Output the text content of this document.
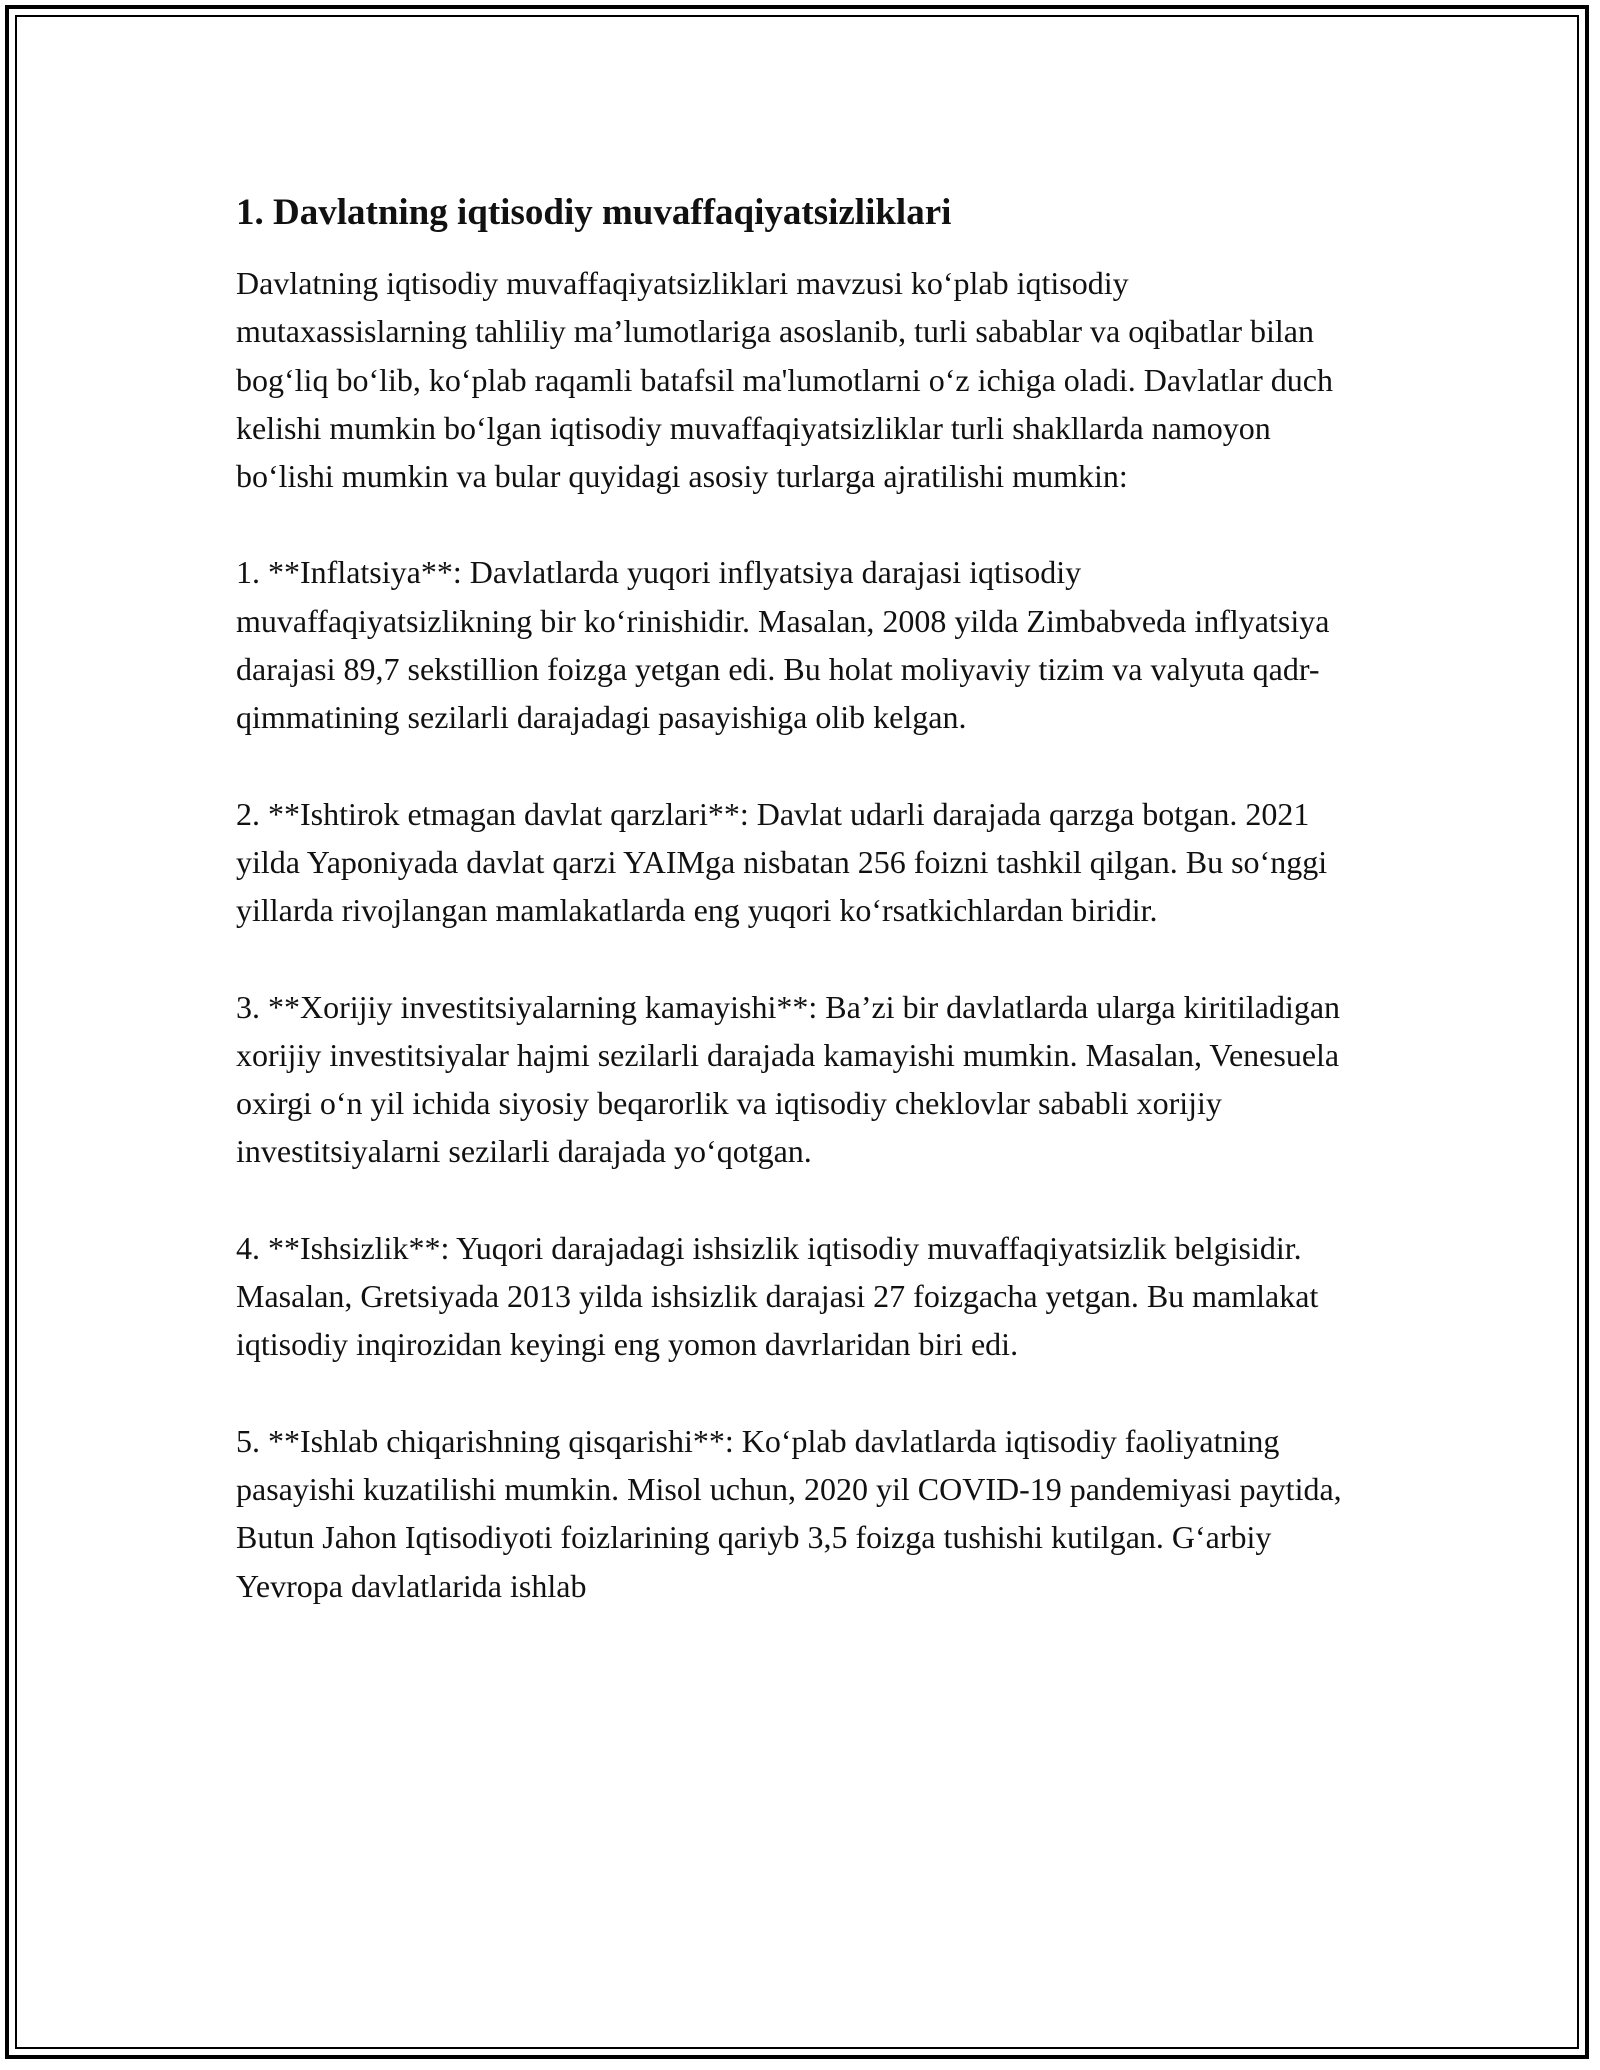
1. Davlatning iqtisodiy muvaffaqiyatsizliklari

Davlatning iqtisodiy muvaffaqiyatsizliklari mavzusi ko‘plab iqtisodiy mutaxassislarning tahliliy ma’lumotlariga asoslanib, turli sabablar va oqibatlar bilan bog‘liq bo‘lib, ko‘plab raqamli batafsil ma'lumotlarni o‘z ichiga oladi. Davlatlar duch kelishi mumkin bo‘lgan iqtisodiy muvaffaqiyatsizliklar turli shakllarda namoyon bo‘lishi mumkin va bular quyidagi asosiy turlarga ajratilishi mumkin:

1. **Inflatsiya**: Davlatlarda yuqori inflyatsiya darajasi iqtisodiy muvaffaqiyatsizlikning bir ko‘rinishidir. Masalan, 2008 yilda Zimbabveda inflyatsiya darajasi 89,7 sekstillion foizga yetgan edi. Bu holat moliyaviy tizim va valyuta qadr-qimmatining sezilarli darajadagi pasayishiga olib kelgan.

2. **Ishtirok etmagan davlat qarzlari**: Davlat udarli darajada qarzga botgan. 2021 yilda Yaponiyada davlat qarzi YAIMga nisbatan 256 foizni tashkil qilgan. Bu so‘nggi yillarda rivojlangan mamlakatlarda eng yuqori ko‘rsatkichlardan biridir.

3. **Xorijiy investitsiyalarning kamayishi**: Ba’zi bir davlatlarda ularga kiritiladigan xorijiy investitsiyalar hajmi sezilarli darajada kamayishi mumkin. Masalan, Venesuela oxirgi o‘n yil ichida siyosiy beqarorlik va iqtisodiy cheklovlar sababli xorijiy investitsiyalarni sezilarli darajada yo‘qotgan.

4. **Ishsizlik**: Yuqori darajadagi ishsizlik iqtisodiy muvaffaqiyatsizlik belgisidir. Masalan, Gretsiyada 2013 yilda ishsizlik darajasi 27 foizgacha yetgan. Bu mamlakat iqtisodiy inqirozidan keyingi eng yomon davrlaridan biri edi.

5. **Ishlab chiqarishning qisqarishi**: Ko‘plab davlatlarda iqtisodiy faoliyatning pasayishi kuzatilishi mumkin. Misol uchun, 2020 yil COVID-19 pandemiyasi paytida, Butun Jahon Iqtisodiyoti foizlarining qariyb 3,5 foizga tushishi kutilgan. G‘arbiy Yevropa davlatlarida ishlab
